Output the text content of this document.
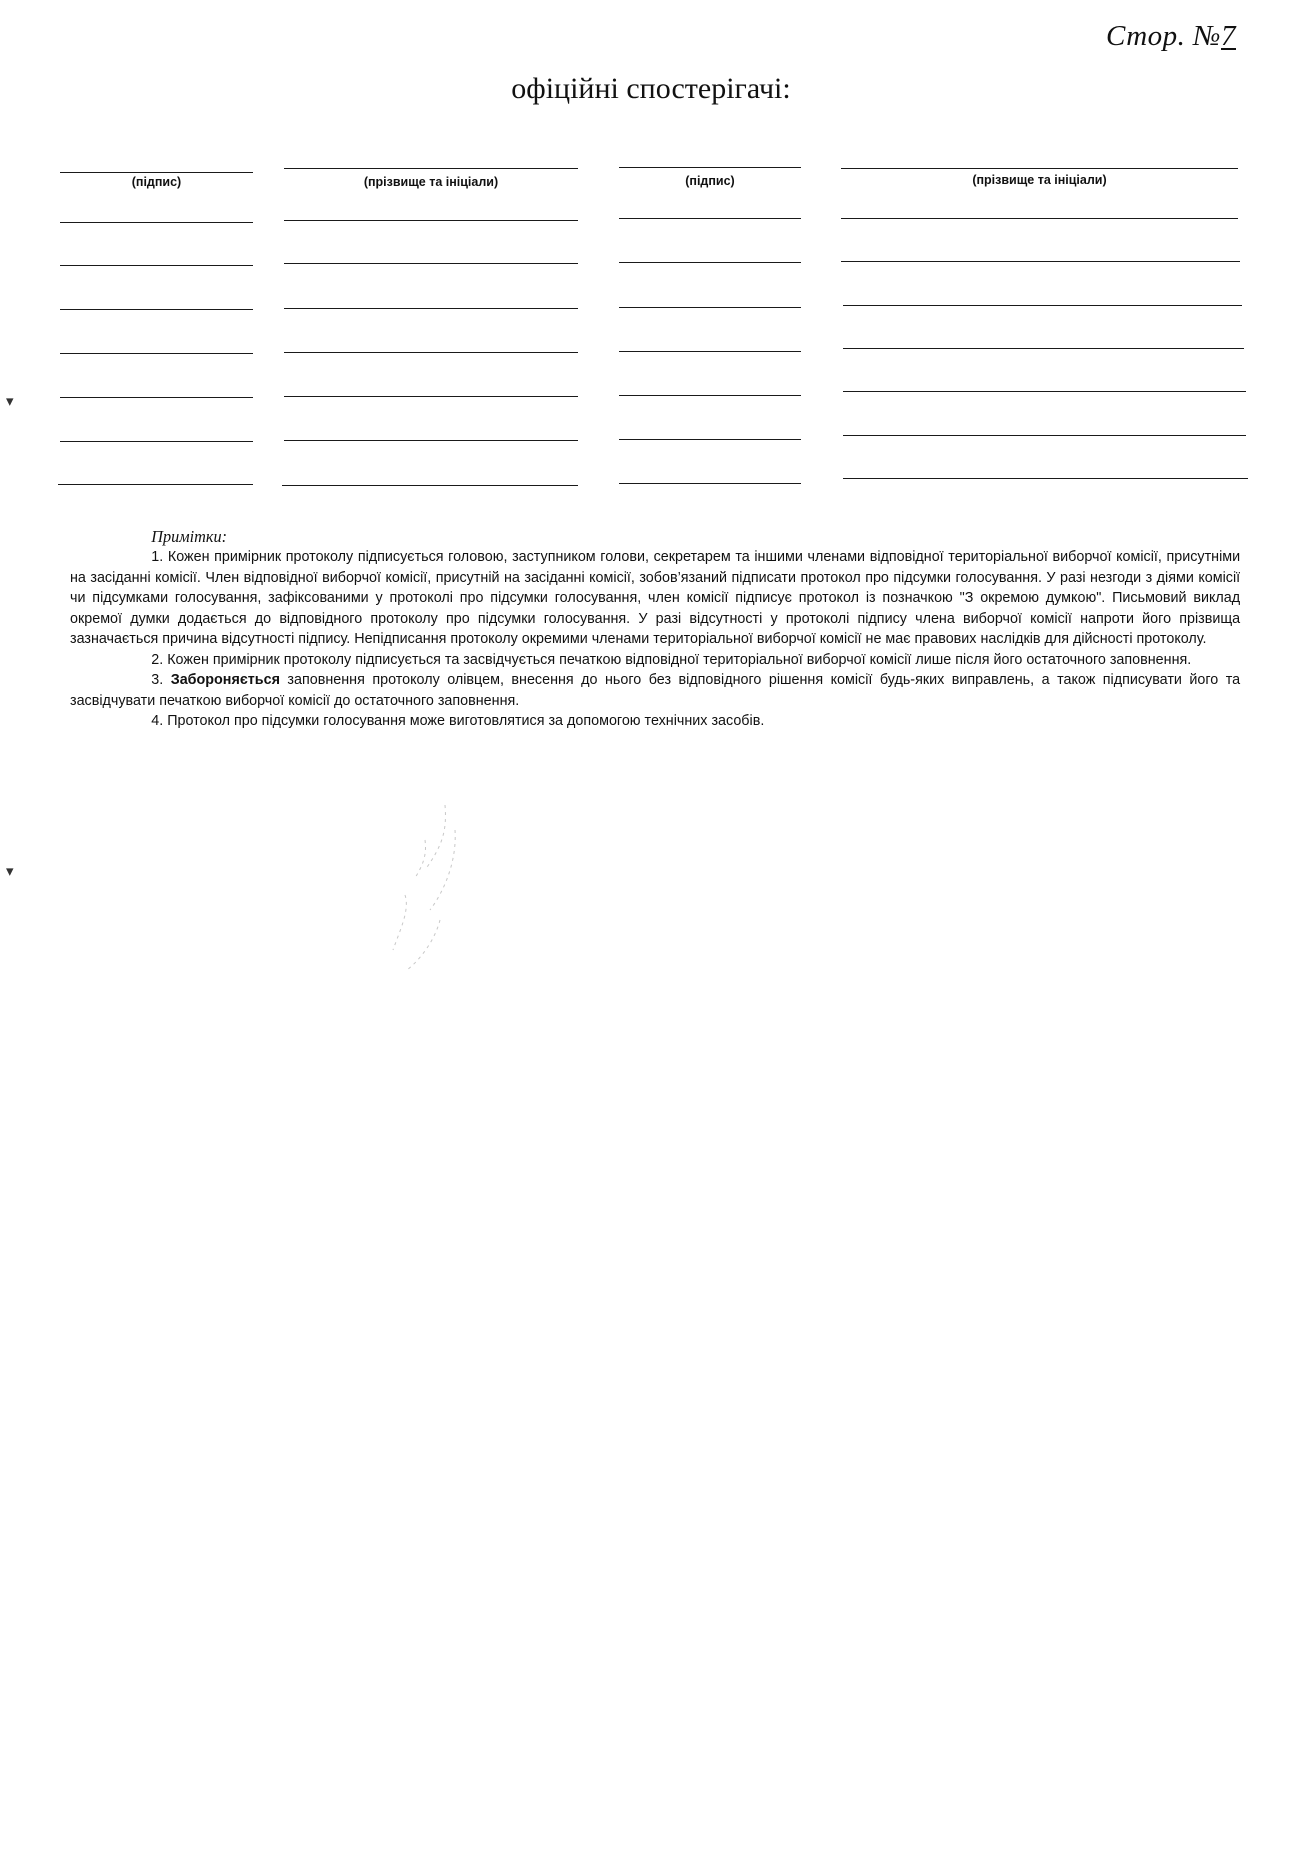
Стор. №7
офіційні спостерігачі:
(підпис)	(прізвище та ініціали)	(підпис)	(прізвище та ініціали)
Примітки:

1. Кожен примірник протоколу підписується головою, заступником голови, секретарем та іншими членами відповідної територіальної виборчої комісії, присутніми на засіданні комісії. Член відповідної виборчої комісії, присутній на засіданні комісії, зобов’язаний підписати протокол про підсумки голосування. У разі незгоди з діями комісії чи підсумками голосування, зафіксованими у протоколі про підсумки голосування, член комісії підписує протокол із позначкою "З окремою думкою". Письмовий виклад окремої думки додається до відповідного протоколу про підсумки голосування. У разі відсутності у протоколі підпису члена виборчої комісії напроти його прізвища зазначається причина відсутності підпису. Непідписання протоколу окремими членами територіальної виборчої комісії не має правових наслідків для дійсності протоколу.

2. Кожен примірник протоколу підписується та засвідчується печаткою відповідної територіальної виборчої комісії лише після його остаточного заповнення.

3. Забороняється заповнення протоколу олівцем, внесення до нього без відповідного рішення комісії будь-яких виправлень, а також підписувати його та засвідчувати печаткою виборчої комісії до остаточного заповнення.

4. Протокол про підсумки голосування може виготовлятися за допомогою технічних засобів.

▾
▾
